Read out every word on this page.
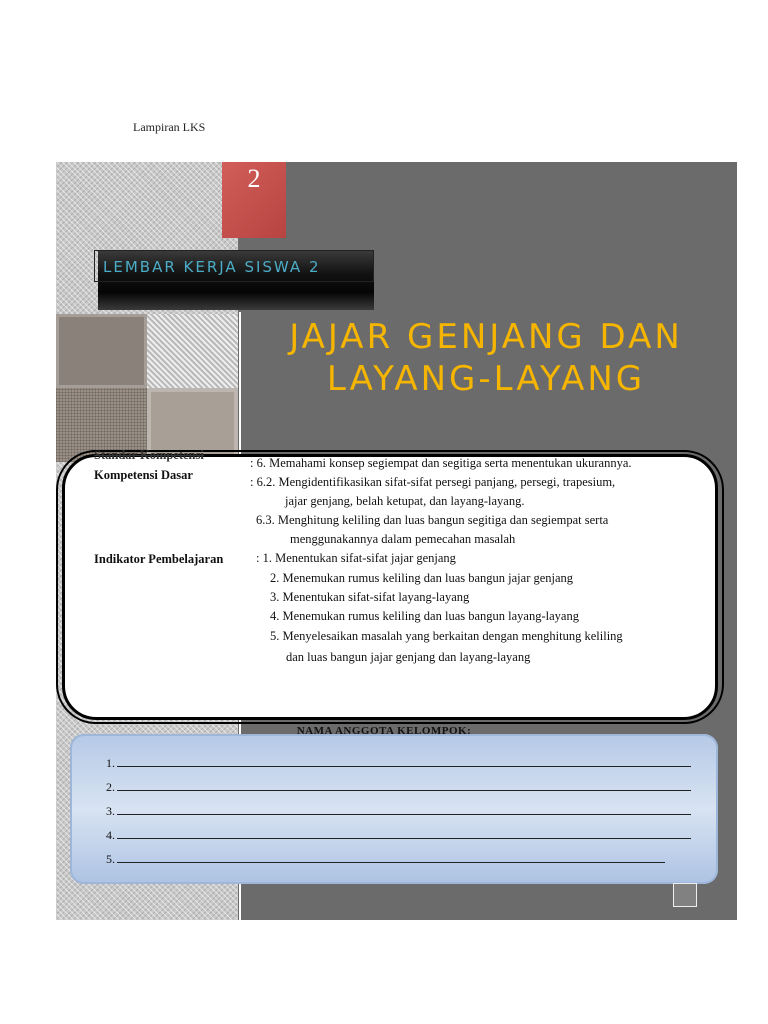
Lampiran LKS
2
LEMBAR KERJA SISWA 2
JAJAR GENJANG DAN
LAYANG-LAYANG
Standar Kompetensi
: 6. Memahami konsep segiempat dan segitiga serta menentukan ukurannya.
Kompetensi Dasar	: 6.2. Mengidentifikasikan sifat-sifat persegi panjang, persegi, trapesium,
jajar genjang, belah ketupat, dan layang-layang.
6.3. Menghitung keliling dan luas bangun segitiga dan segiempat serta
menggunakannya dalam pemecahan masalah
Indikator Pembelajaran	: 1. Menentukan sifat-sifat jajar genjang
2. Menemukan rumus keliling dan luas bangun jajar genjang
3. Menentukan sifat-sifat layang-layang
4. Menemukan rumus keliling dan luas bangun layang-layang
5. Menyelesaikan masalah yang berkaitan dengan menghitung keliling
dan luas bangun jajar genjang dan layang-layang
NAMA ANGGOTA KELOMPOK:
1.
2.
3.
4.
5.
